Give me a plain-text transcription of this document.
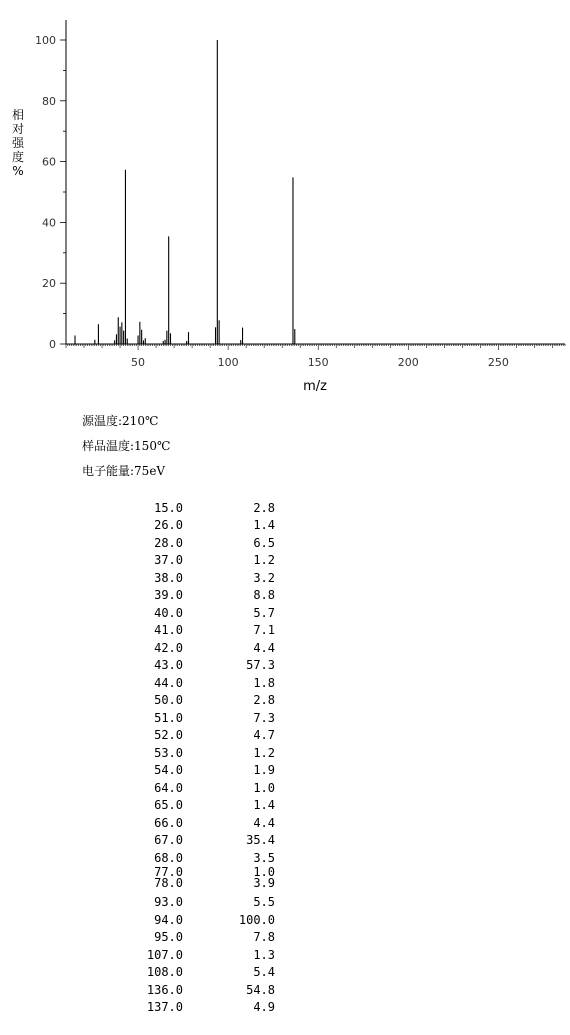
50	100	150	200	250
0
20
40
60
80
100
m/z
相
对
强
度
%
源温度:210℃
样品温度:150℃
电子能量:75eV
15.0	2.8
26.0	1.4
28.0	6.5
37.0	1.2
38.0	3.2
39.0	8.8
40.0	5.7
41.0	7.1
42.0	4.4
43.0	57.3
44.0	1.8
50.0	2.8
51.0	7.3
52.0	4.7
53.0	1.2
54.0	1.9
64.0	1.0
65.0	1.4
66.0	4.4
67.0	35.4
68.0	3.5
77.0	1.0
78.0	3.9
93.0	5.5
94.0	100.0
95.0	7.8
107.0	1.3
108.0	5.4
136.0	54.8
137.0	4.9
